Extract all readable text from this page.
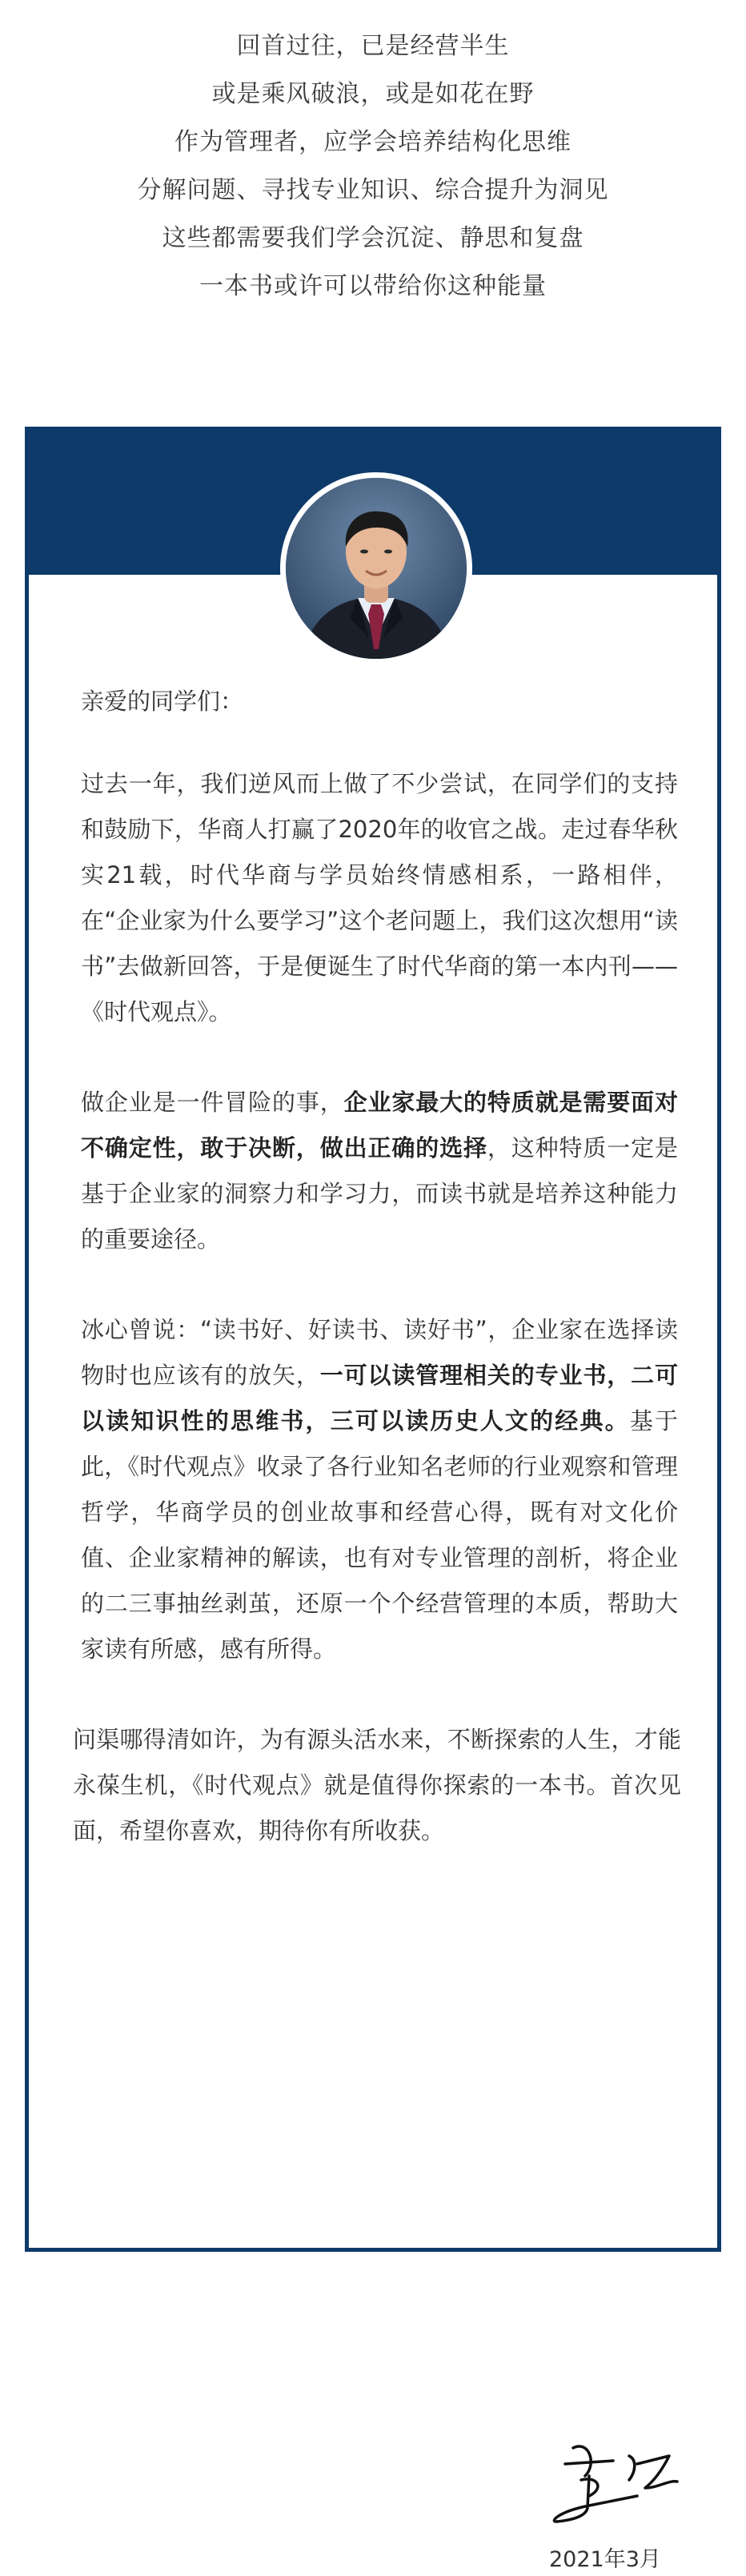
回首过往，已是经营半生
或是乘风破浪，或是如花在野
作为管理者，应学会培养结构化思维
分解问题、寻找专业知识、综合提升为洞见
这些都需要我们学会沉淀、静思和复盘
一本书或许可以带给你这种能量

亲爱的同学们：

过去一年，我们逆风而上做了不少尝试，在同学们的支持和鼓励下，华商人打赢了2020年的收官之战。走过春华秋实21载，时代华商与学员始终情感相系，一路相伴，在“企业家为什么要学习”这个老问题上，我们这次想用“读书”去做新回答，于是便诞生了时代华商的第一本内刊——《时代观点》。

做企业是一件冒险的事，企业家最大的特质就是需要面对不确定性，敢于决断，做出正确的选择，这种特质一定是基于企业家的洞察力和学习力，而读书就是培养这种能力的重要途径。

冰心曾说：“读书好、好读书、读好书”，企业家在选择读物时也应该有的放矢，一可以读管理相关的专业书，二可以读知识性的思维书，三可以读历史人文的经典。基于此，《时代观点》收录了各行业知名老师的行业观察和管理哲学，华商学员的创业故事和经营心得，既有对文化价值、企业家精神的解读，也有对专业管理的剖析，将企业的二三事抽丝剥茧，还原一个个经营管理的本质，帮助大家读有所感，感有所得。

问渠哪得清如许，为有源头活水来，不断探索的人生，才能永葆生机，《时代观点》就是值得你探索的一本书。首次见面，希望你喜欢，期待你有所收获。

2021年3月
